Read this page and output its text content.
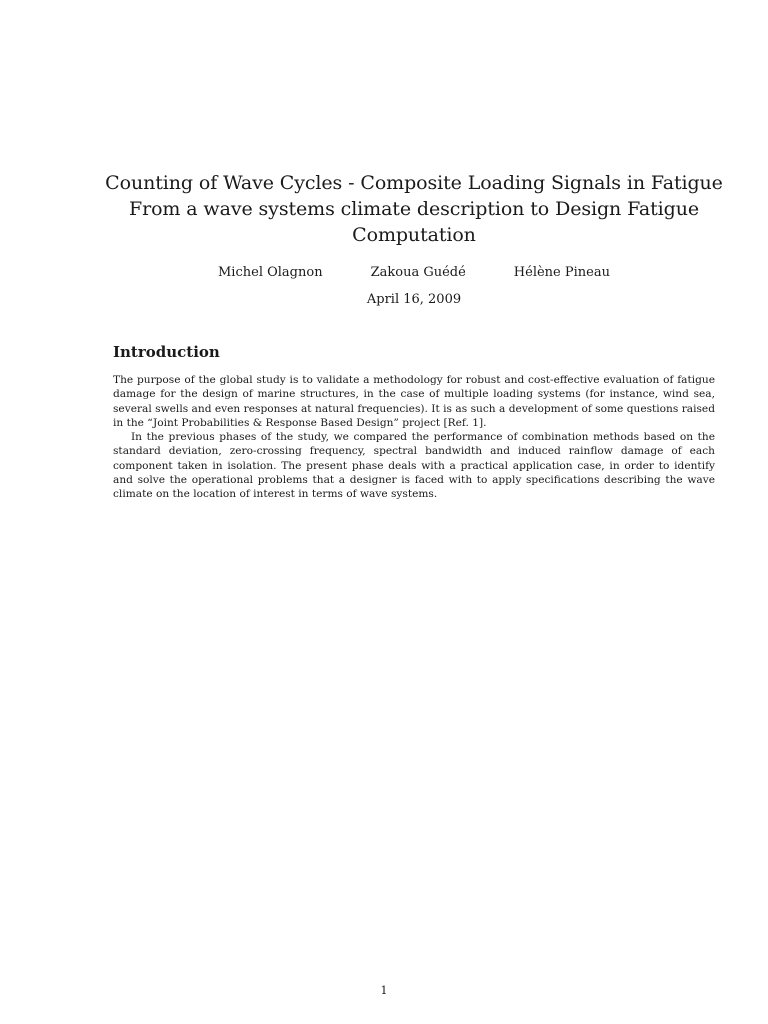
Counting of Wave Cycles - Composite Loading Signals in Fatigue
From a wave systems climate description to Design Fatigue
Computation
Michel Olagnon	Zakoua Guédé	Hélène Pineau
April 16, 2009
Introduction

The purpose of the global study is to validate a methodology for robust and cost-effective evaluation of fatigue damage for the design of marine structures, in the case of multiple loading systems (for instance, wind sea, several swells and even responses at natural frequencies). It is as such a development of some questions raised in the “Joint Probabilities & Response Based Design” project [Ref. 1].

In the previous phases of the study, we compared the performance of combination methods based on the standard deviation, zero-crossing frequency, spectral bandwidth and induced rainflow damage of each component taken in isolation. The present phase deals with a practical application case, in order to identify and solve the operational problems that a designer is faced with to apply specifications describing the wave climate on the location of interest in terms of wave systems.

1
